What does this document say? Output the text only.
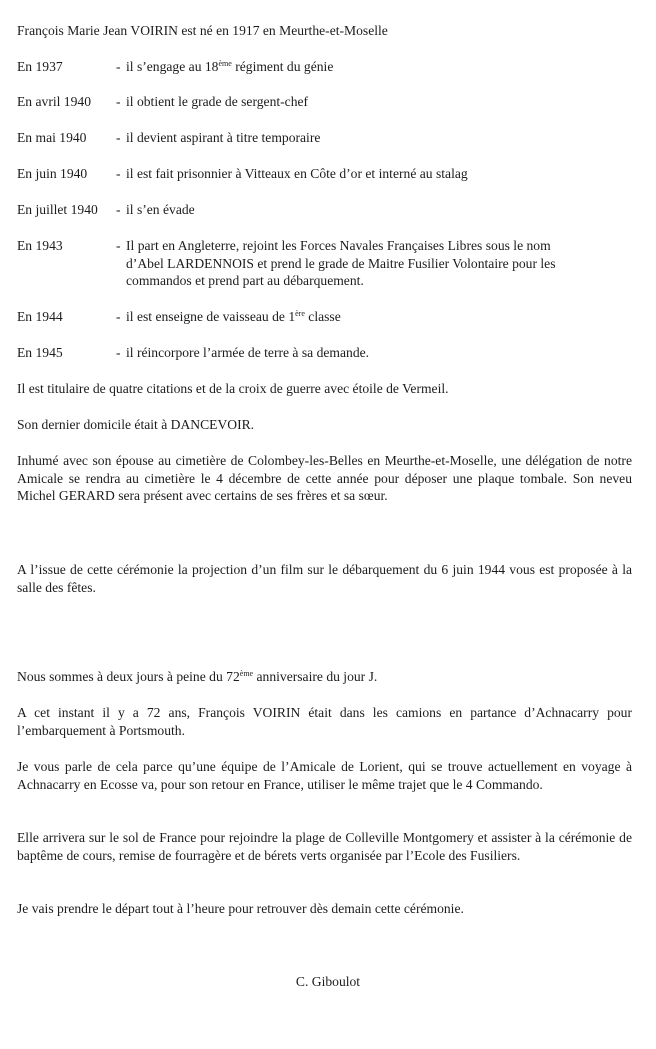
François Marie Jean VOIRIN est né en 1917 en Meurthe-et-Moselle
En 1937	- il s’engage au 18ème régiment du génie
En avril 1940 - il obtient le grade de sergent-chef
En mai 1940 - il devient aspirant à titre temporaire
En juin 1940 - il est fait prisonnier à Vitteaux en Côte d’or et interné au stalag
En juillet 1940 - il s’en évade
En 1943	- Il part en Angleterre, rejoint les Forces Navales Françaises Libres sous le nom
d’Abel LARDENNOIS et prend le grade de Maitre Fusilier Volontaire pour les
commandos et prend part au débarquement.
En 1944	- il est enseigne de vaisseau de 1ère classe
En 1945	- il réincorpore l’armée de terre à sa demande.
Il est titulaire de quatre citations et de la croix de guerre avec étoile de Vermeil.
Son dernier domicile était à DANCEVOIR.
Inhumé avec son épouse au cimetière de Colombey-les-Belles en Meurthe-et-Moselle, une délégation de notre Amicale se rendra au cimetière le 4 décembre de cette année pour déposer une plaque tombale. Son neveu Michel GERARD sera présent avec certains de ses frères et sa sœur.
A l’issue de cette cérémonie la projection d’un film sur le débarquement du 6 juin 1944 vous est proposée à la salle des fêtes.
Nous sommes à deux jours à peine du 72ème anniversaire du jour J.
A cet instant il y a 72 ans, François VOIRIN était dans les camions en partance d’Achnacarry pour l’embarquement à Portsmouth.
Je vous parle de cela parce qu’une équipe de l’Amicale de Lorient, qui se trouve actuellement en voyage à Achnacarry en Ecosse va, pour son retour en France, utiliser le même trajet que le 4 Commando.
Elle arrivera sur le sol de France pour rejoindre la plage de Colleville Montgomery et assister à la cérémonie de baptême de cours, remise de fourragère et de bérets verts organisée par l’Ecole des Fusiliers.
Je vais prendre le départ tout à l’heure pour retrouver dès demain cette cérémonie.
C. Giboulot
